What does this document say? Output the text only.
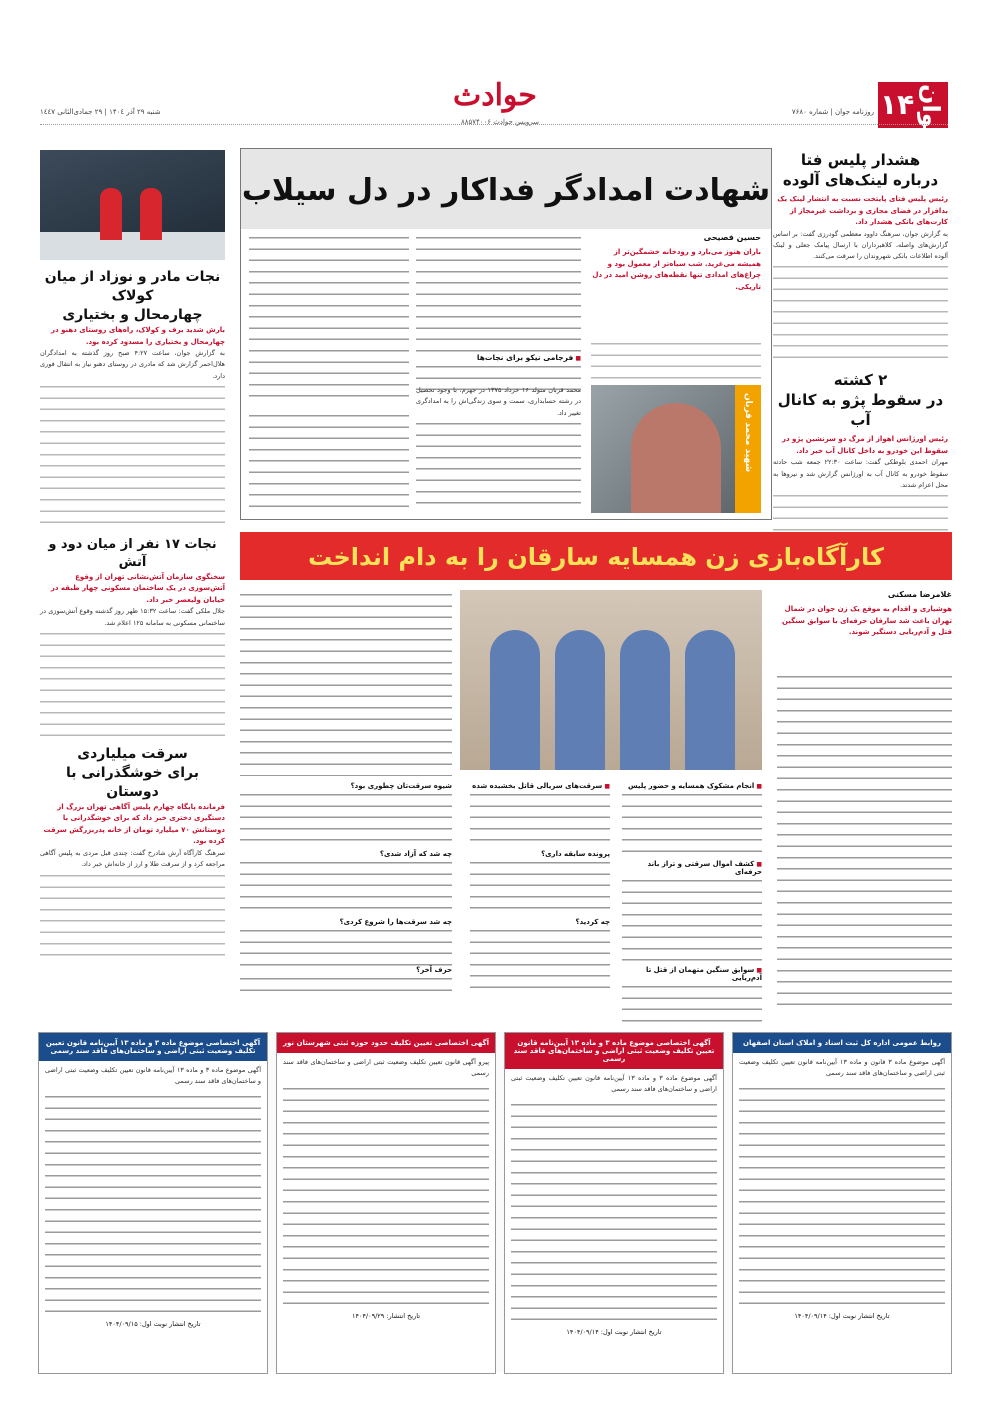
جوان
۱۴
روزنامه جوان | شماره ۷۶۸۰
حوادث
سرویس حوادث ۸۸۵۷۴۰۰۶
شنبه ۲۹ آذر ۱۴۰٤ | ۲۹ جمادی‌الثانی ۱٤٤۷
هشدار پلیس فتا
درباره لینک‌های آلوده
رئیس پلیس فتای پایتخت نسبت به انتشار لینک یک بدافزار در فضای مجازی و برداشت غیرمجاز از کارت‌های بانکی هشدار داد.
به گزارش جوان، سرهنگ داوود معظمی گودرزی گفت: بر اساس گزارش‌های واصله، کلاهبرداران با ارسال پیامک جعلی و لینک آلوده اطلاعات بانکی شهروندان را سرقت می‌کنند.
۲ کشته
در سقوط پژو به کانال آب
رئیس اورژانس اهواز از مرگ دو سرنشین پژو در سقوط این خودرو به داخل کانال آب خبر داد.
مهران احمدی بلوطکی گفت: ساعت ۲۲:۳۰ جمعه شب حادثه سقوط خودرو به کانال آب به اورژانس گزارش شد و نیروها به محل اعزام شدند.
شهادت امدادگر فداکار در دل سیلاب
حسین فصیحی
باران هنوز می‌بارد و رودخانه خشمگین‌تر از همیشه می‌غرید. شب سیاه‌تر از معمول بود و چراغ‌های امدادی تنها نقطه‌های روشن امید در دل تاریکی.
■ فرجامی نیکو برای نجات‌ها
شهید محمد قربان
محمد قربان متولد ۱۶ خرداد ۱۳۷۵ در جهرم، با وجود تحصیل در رشته حسابداری، سمت و سوی زندگی‌اش را به امدادگری تغییر داد.
نجات مادر و نوزاد از میان کولاک
چهارمحال و بختیاری
بارش شدید برف و کولاک، راه‌های روستای دهنو در چهارمحال و بختیاری را مسدود کرده بود.
به گزارش جوان، ساعت ۴:۲۷ صبح روز گذشته به امدادگران هلال‌احمر گزارش شد که مادری در روستای دهنو نیاز به انتقال فوری دارد.
نجات ۱۷ نفر از میان دود و آتش
سخنگوی سازمان آتش‌نشانی تهران از وقوع آتش‌سوزی در یک ساختمان مسکونی چهار طبقه در خیابان ولیعصر خبر داد.
جلال ملکی گفت: ساعت ۱۵:۳۲ ظهر روز گذشته وقوع آتش‌سوزی در ساختمانی مسکونی به سامانه ۱۲۵ اعلام شد.
سرقت میلیاردی
برای خوشگذرانی با دوستان
فرمانده پایگاه چهارم پلیس آگاهی تهران بزرگ از دستگیری دختری خبر داد که برای خوشگذرانی با دوستانش ۷۰ میلیارد تومان از خانه پدربزرگش سرقت کرده بود.
سرهنگ کارآگاه آرش شادرخ گفت: چندی قبل مردی به پلیس آگاهی مراجعه کرد و از سرقت طلا و ارز از خانه‌اش خبر داد.
کارآگاه‌بازی زن همسایه سارقان را به دام انداخت
غلامرضا مسکنی
هوشیاری و اقدام به موقع یک زن جوان در شمال تهران باعث شد سارقان حرفه‌ای با سوابق سنگین قتل و آدم‌ربایی دستگیر شوند.
■ انجام مشکوک همسایه و حضور پلیس
■ کشف اموال سرقتی و تراز باند حرفه‌ای
■ سوابق سنگین متهمان از قتل تا آدم‌ربایی
■ سرقت‌های سریالی قاتل بخشیده شده
پرونده سابقه داری؟
چه کردید؟
شیوه سرقت‌تان چطوری بود؟
چه شد که آزاد شدی؟
چه شد سرقت‌ها را شروع کردی؟
حرف آخر؟
روابط عمومی اداره کل ثبت اسناد و املاک استان اصفهان
آگهی موضوع ماده ۳ قانون و ماده ۱۳ آیین‌نامه قانون تعیین تکلیف وضعیت ثبتی اراضی و ساختمان‌های فاقد سند رسمی
تاریخ انتشار نوبت اول: ۱۴۰۴/۰۹/۱۴
آگهی اختصاصی موضوع ماده ۳ و ماده ۱۳ آیین‌نامه قانون تعیین تکلیف وضعیت ثبتی اراضی و ساختمان‌های فاقد سند رسمی
آگهی موضوع ماده ۳ و ماده ۱۳ آیین‌نامه قانون تعیین تکلیف وضعیت ثبتی اراضی و ساختمان‌های فاقد سند رسمی
تاریخ انتشار نوبت اول: ۱۴۰۴/۰۹/۱۴
آگهی اختصاصی تعیین تکلیف حدود حوزه ثبتی شهرستان نور
پیرو آگهی قانون تعیین تکلیف وضعیت ثبتی اراضی و ساختمان‌های فاقد سند رسمی
تاریخ انتشار: ۱۴۰۴/۰۹/۲۹
آگهی اختصاصی موضوع ماده ۳ و ماده ۱۳ آیین‌نامه قانون تعیین تکلیف وضعیت ثبتی اراضی و ساختمان‌های فاقد سند رسمی
آگهی موضوع ماده ۳ و ماده ۱۳ آیین‌نامه قانون تعیین تکلیف وضعیت ثبتی اراضی و ساختمان‌های فاقد سند رسمی
تاریخ انتشار نوبت اول: ۱۴۰۴/۰۹/۱۵
